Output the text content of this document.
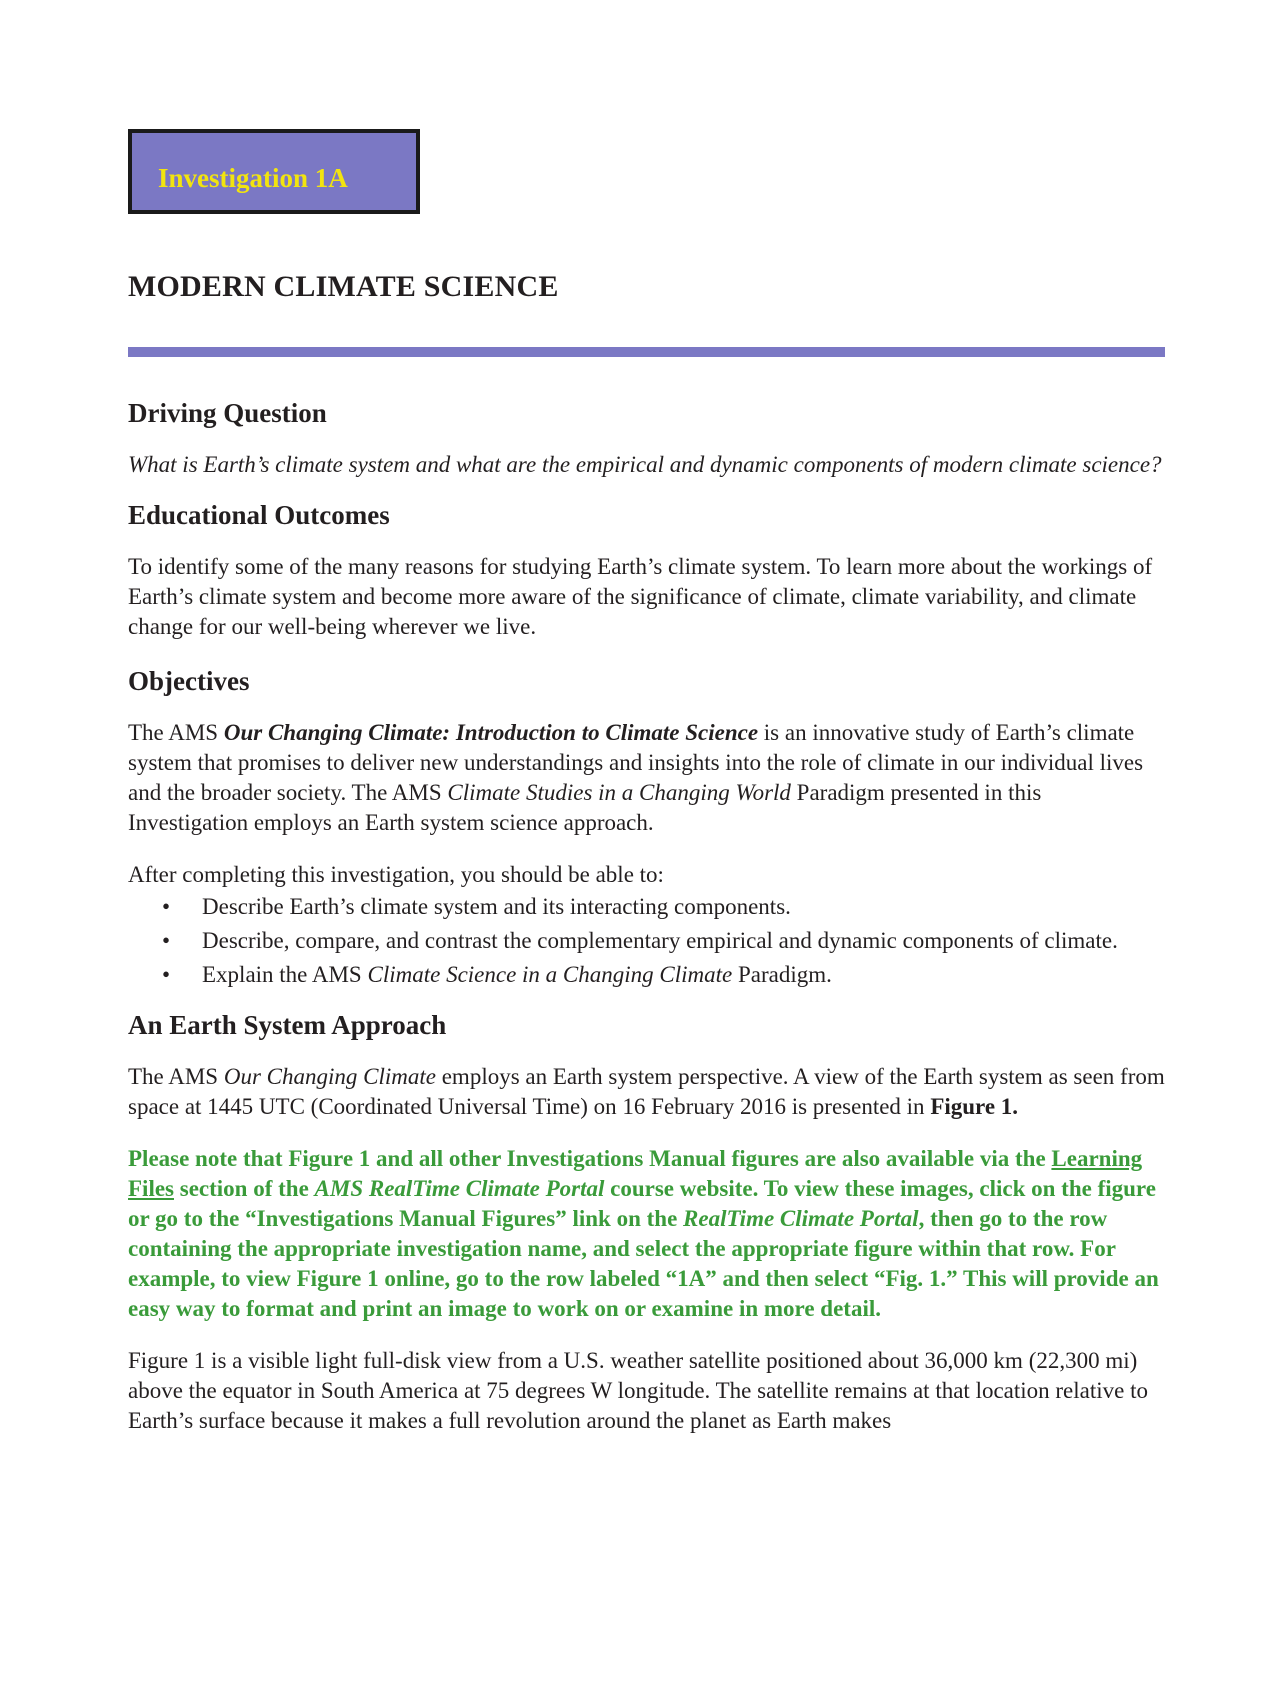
Investigation 1A
MODERN CLIMATE SCIENCE
Driving Question

What is Earth’s climate system and what are the empirical and dynamic components of modern climate science?

Educational Outcomes

To identify some of the many reasons for studying Earth’s climate system. To learn more about the workings of Earth’s climate system and become more aware of the significance of climate, climate variability, and climate change for our well-being wherever we live.

Objectives

The AMS Our Changing Climate: Introduction to Climate Science is an innovative study of Earth’s climate system that promises to deliver new understandings and insights into the role of climate in our individual lives and the broader society. The AMS Climate Studies in a Changing World Paradigm presented in this Investigation employs an Earth system science approach.

After completing this investigation, you should be able to:

• Describe Earth’s climate system and its interacting components.
• Describe, compare, and contrast the complementary empirical and dynamic components of climate.
• Explain the AMS Climate Science in a Changing Climate Paradigm.
An Earth System Approach

The AMS Our Changing Climate employs an Earth system perspective. A view of the Earth system as seen from space at 1445 UTC (Coordinated Universal Time) on 16 February 2016 is presented in Figure 1.

Please note that Figure 1 and all other Investigations Manual figures are also available via the Learning Files section of the AMS RealTime Climate Portal course website. To view these images, click on the figure or go to the “Investigations Manual Figures” link on the RealTime Climate Portal, then go to the row containing the appropriate investigation name, and select the appropriate figure within that row. For example, to view Figure 1 online, go to the row labeled “1A” and then select “Fig. 1.” This will provide an easy way to format and print an image to work on or examine in more detail.

Figure 1 is a visible light full-disk view from a U.S. weather satellite positioned about 36,000 km (22,300 mi) above the equator in South America at 75 degrees W longitude. The satellite remains at that location relative to Earth’s surface because it makes a full revolution around the planet as Earth makes
